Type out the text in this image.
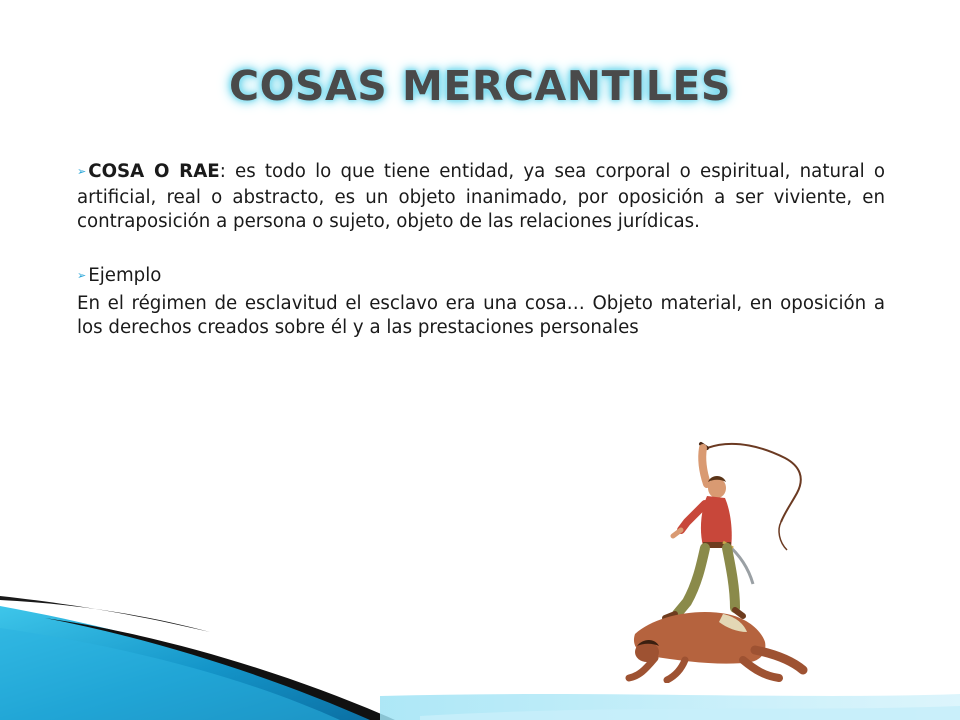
COSAS MERCANTILES

➢ COSA O RAE: es todo lo que tiene entidad, ya sea corporal o espiritual, natural o artificial, real o abstracto, es un objeto inanimado, por oposición a ser viviente, en contraposición a persona o sujeto, objeto de las relaciones jurídicas.

➢ Ejemplo

En el régimen de esclavitud el esclavo era una cosa… Objeto material, en oposición a los derechos creados sobre él y a las prestaciones personales
